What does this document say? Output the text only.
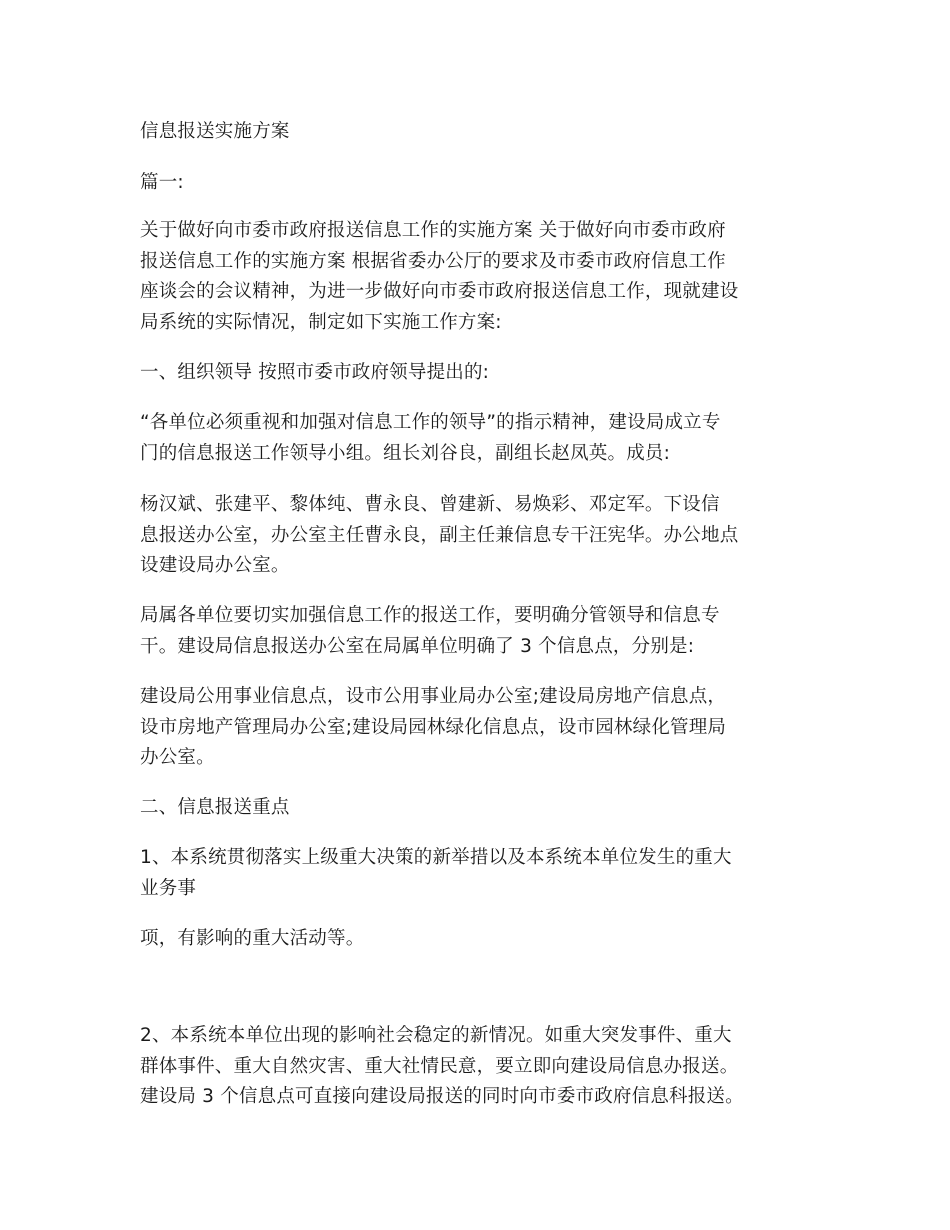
信息报送实施方案

篇一:

关于做好向市委市政府报送信息工作的实施方案 关于做好向市委市政府
报送信息工作的实施方案 根据省委办公厅的要求及市委市政府信息工作
座谈会的会议精神，为进一步做好向市委市政府报送信息工作，现就建设
局系统的实际情况，制定如下实施工作方案:

一、组织领导 按照市委市政府领导提出的:

“各单位必须重视和加强对信息工作的领导”的指示精神，建设局成立专
门的信息报送工作领导小组。组长刘谷良，副组长赵凤英。成员:

杨汉斌、张建平、黎体纯、曹永良、曾建新、易焕彩、邓定军。下设信
息报送办公室，办公室主任曹永良，副主任兼信息专干汪宪华。办公地点
设建设局办公室。

局属各单位要切实加强信息工作的报送工作，要明确分管领导和信息专
干。建设局信息报送办公室在局属单位明确了 3 个信息点，分别是:

建设局公用事业信息点，设市公用事业局办公室;建设局房地产信息点，
设市房地产管理局办公室;建设局园林绿化信息点，设市园林绿化管理局
办公室。

二、信息报送重点

1、本系统贯彻落实上级重大决策的新举措以及本系统本单位发生的重大
业务事

项，有影响的重大活动等。

2、本系统本单位出现的影响社会稳定的新情况。如重大突发事件、重大
群体事件、重大自然灾害、重大社情民意，要立即向建设局信息办报送。
建设局 3 个信息点可直接向建设局报送的同时向市委市政府信息科报送。
